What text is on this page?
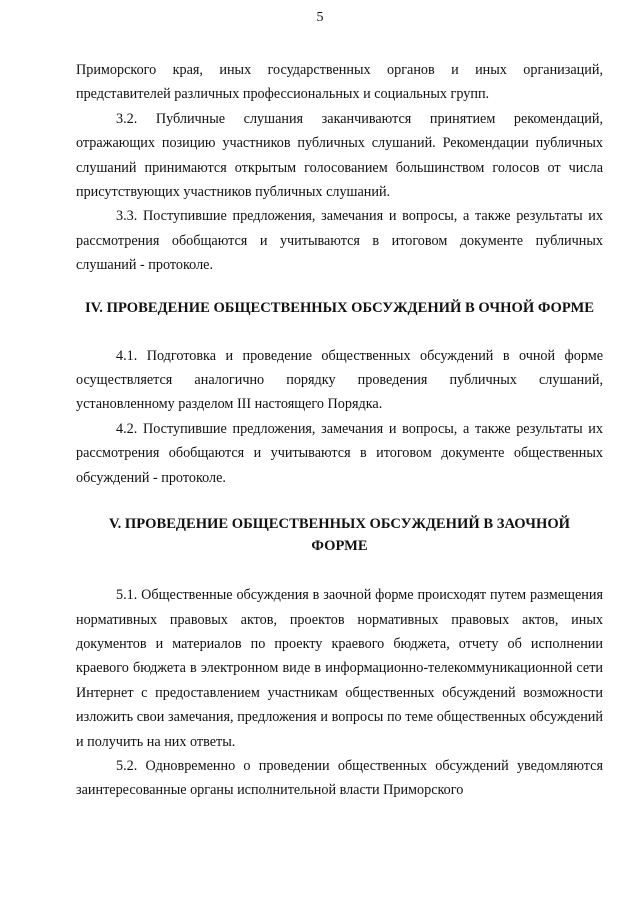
5

Приморского края, иных государственных органов и иных организаций, представителей различных профессиональных и социальных групп.

3.2. Публичные слушания заканчиваются принятием рекомендаций, отражающих позицию участников публичных слушаний. Рекомендации публичных слушаний принимаются открытым голосованием большинством голосов от числа присутствующих участников публичных слушаний.

3.3. Поступившие предложения, замечания и вопросы, а также результаты их рассмотрения обобщаются и учитываются в итоговом документе публичных слушаний - протоколе.

IV. ПРОВЕДЕНИЕ ОБЩЕСТВЕННЫХ ОБСУЖДЕНИЙ В ОЧНОЙ ФОРМЕ

4.1. Подготовка и проведение общественных обсуждений в очной форме осуществляется аналогично порядку проведения публичных слушаний, установленному разделом III настоящего Порядка.

4.2. Поступившие предложения, замечания и вопросы, а также результаты их рассмотрения обобщаются и учитываются в итоговом документе общественных обсуждений - протоколе.

V. ПРОВЕДЕНИЕ ОБЩЕСТВЕННЫХ ОБСУЖДЕНИЙ В ЗАОЧНОЙ ФОРМЕ

5.1. Общественные обсуждения в заочной форме происходят путем размещения нормативных правовых актов, проектов нормативных правовых актов, иных документов и материалов по проекту краевого бюджета, отчету об исполнении краевого бюджета в электронном виде в информационно-телекоммуникационной сети Интернет с предоставлением участникам общественных обсуждений возможности изложить свои замечания, предложения и вопросы по теме общественных обсуждений и получить на них ответы.

5.2. Одновременно о проведении общественных обсуждений уведомляются заинтересованные органы исполнительной власти Приморского
